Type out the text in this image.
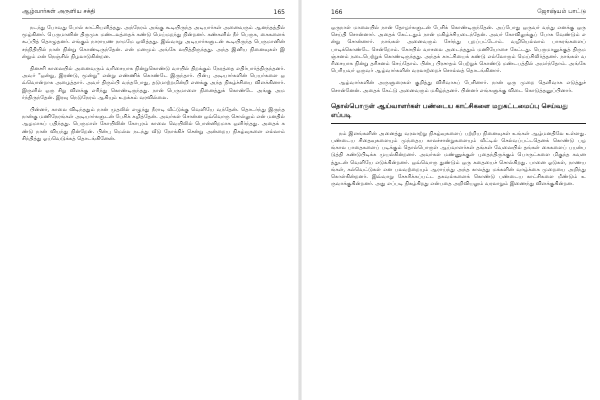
ஆழ்வார்கள் அருளிய சக்தி	165

நடந்து போவது போல் காட்சியளித்தது. அந்நேரம் அங்கு கூடியிருந்த அடியார்கள் அனைவரும் ஆனந்தத்தில் மூழ்கினர். பெருமானின் திருமுக மண்டலத்தைக் கண்டு மெய்மறந்து நின்றனர். கண்களில் நீர் பெருக, கைகளைக் கூப்பித் தொழுதனர். எங்கும் நாராயண நாமமே ஒலித்தது. இவ்வாறு அடியார்களுடன் கூடியிருந்த பெருமானின் சந்நிதியில் நான் நின்று கொண்டிருந்தேன். என் மனமும் அங்கே லயித்திருந்தது. அந்த இனிய நினைவுகள் இன்றும் என் நெஞ்சில் நிழலாடுகின்றன.

தினசரி காலையில் அனைவரும் வரிசையாக நின்றுகொண்டு வாயில் திறக்கும் நேரத்தை எதிர்பார்த்திருந்தனர். அவர் "ஒன்று, இரண்டு, மூன்று" என்று எண்ணிக் கொண்டே இருந்தார். பின்பு அடியார்களின் பெயர்களை ஒவ்வொன்றாக அழைத்தார். அவர் திரும்பி வந்தபோது, தடுமாற்றமின்றி எனக்கு அந்த நிகழ்ச்சியை விளக்கினார். இருளில் ஒரு சிறு விளக்கு எரிந்து கொண்டிருந்தது. நான் பெருமாளை நினைத்துக் கொண்டே அங்கு அமர்ந்திருந்தேன். இரவு நெடுநேரம் ஆகியும் உறக்கம் வரவில்லை.

பின்னர், காலை விடிந்ததும் நான் முதலில் எழுந்து நீராடி வீட்டுக்கு வெளியே வந்தேன். தொடர்ந்து இருந்த நான்கு மணிநேரங்கள் அடியார்களுடன் பேசிக் கழித்தேன். அவர்கள் சொன்ன ஒவ்வொரு சொல்லும் என் மனதில் ஆழமாகப் பதிந்தது. பெருமாள் கோயிலின் கோபுரம் காலை வெயிலில் பொன்னிறமாக ஒளிர்ந்தது. அதைக் கண்டு நான் வியந்து நின்றேன். பின்பு மெல்ல நடந்து வீடு நோக்கிச் சென்று அன்றைய நிகழ்வுகளை எல்லாம் சிந்தித்து ஓய்வெடுக்கத் தொடங்கினேன்.

166	ஜோஷ்யம் பாட்டு

ஒருநாள் மாலையில் நான் தோழர்களுடன் பேசிக் கொண்டிருந்தேன். அப்போது ஒருவர் வந்து எனக்கு ஒரு செய்தி சொன்னார். அதைக் கேட்டதும் நான் மகிழ்ச்சியடைந்தேன். அவர் கோவிலுக்குப் போக வேண்டும் என்று சொன்னார். நாங்கள் அனைவரும் சேர்ந்து புறப்பட்டோம். வழியெல்லாம் பாசுரங்களைப் பாடிக்கொண்டே சென்றோம். கோயில் வாசலை அடைந்ததும் மணியோசை கேட்டது. பெருமானுக்குத் திருமஞ்சனம் நடைபெற்றுக் கொண்டிருந்தது. அந்தக் காட்சியைக் கண்டு எல்லோரும் மெய்சிலிர்த்தனர். நாங்கள் வரிசையாக நின்று தரிசனம் செய்தோம். பின்பு பிரசாதம் பெற்றுக் கொண்டு மண்டபத்தில் அமர்ந்தோம். அங்கே பெரியவர் ஒருவர் ஆழ்வார்களின் வரலாற்றைச் சொல்லத் தொடங்கினார்.

ஆழ்வார்களின் அருளுரைகள் குறித்து விரிவாகப் பேசினார். நான் ஒரு முறை தெளிவாக எடுத்துச் சொன்னேன். அதைக் கேட்டு அனைவரும் மகிழ்ந்தனர். பின்னர் எங்களுக்கு விடை கொடுத்தனுப்பினார்.

தொல்பொருள் ஆய்வாளர்கள் பண்டைய காட்சிகளை மறுகட்டமைப்பு செய்வது எப்படி

நம் இளங்களின் அனைத்து வரலாற்று நிகழ்வுகளைப் பற்றிய நினைவுகள் உங்கள் ஆழ்மனதிலே உள்ளது. பண்டைய சிதைவுகளையும் முந்தைய காலச்சான்றுகளையும் வீட்டில் செல்வப்பட்டதெனக் கொண்டு பழங்கால பாதைகளைப் படிக்கும் தொல்பொருள் ஆய்வாளர்கள் தங்கள் வேலையில் தங்கள் கைகளைப் பயன்படுத்தி கண்டுபிடிக்க முயல்கின்றனர். அவர்கள் மண்ணுக்குள் புதைந்திருக்கும் பொருட்களை மிகுந்த கவனத்துடன் வெளியே எடுக்கின்றனர். ஒவ்வொரு துண்டும் ஒரு கதையைச் சொல்கிறது. பானை ஓடுகள், நாணயங்கள், கல்வெட்டுகள் என பலவற்றையும் ஆராய்ந்து அந்த காலத்து மக்களின் வாழ்க்கை முறையை அறிந்து கொள்கின்றனர். இவ்வாறு சேகரிக்கப்பட்ட தகவல்களைக் கொண்டு பண்டைய காட்சிகளை மீண்டும் உருவாக்குகின்றனர். அது எப்படி நிகழ்கிறது என்பதை அறிவியலும் வரலாறும் இணைந்து விளக்குகின்றன.
